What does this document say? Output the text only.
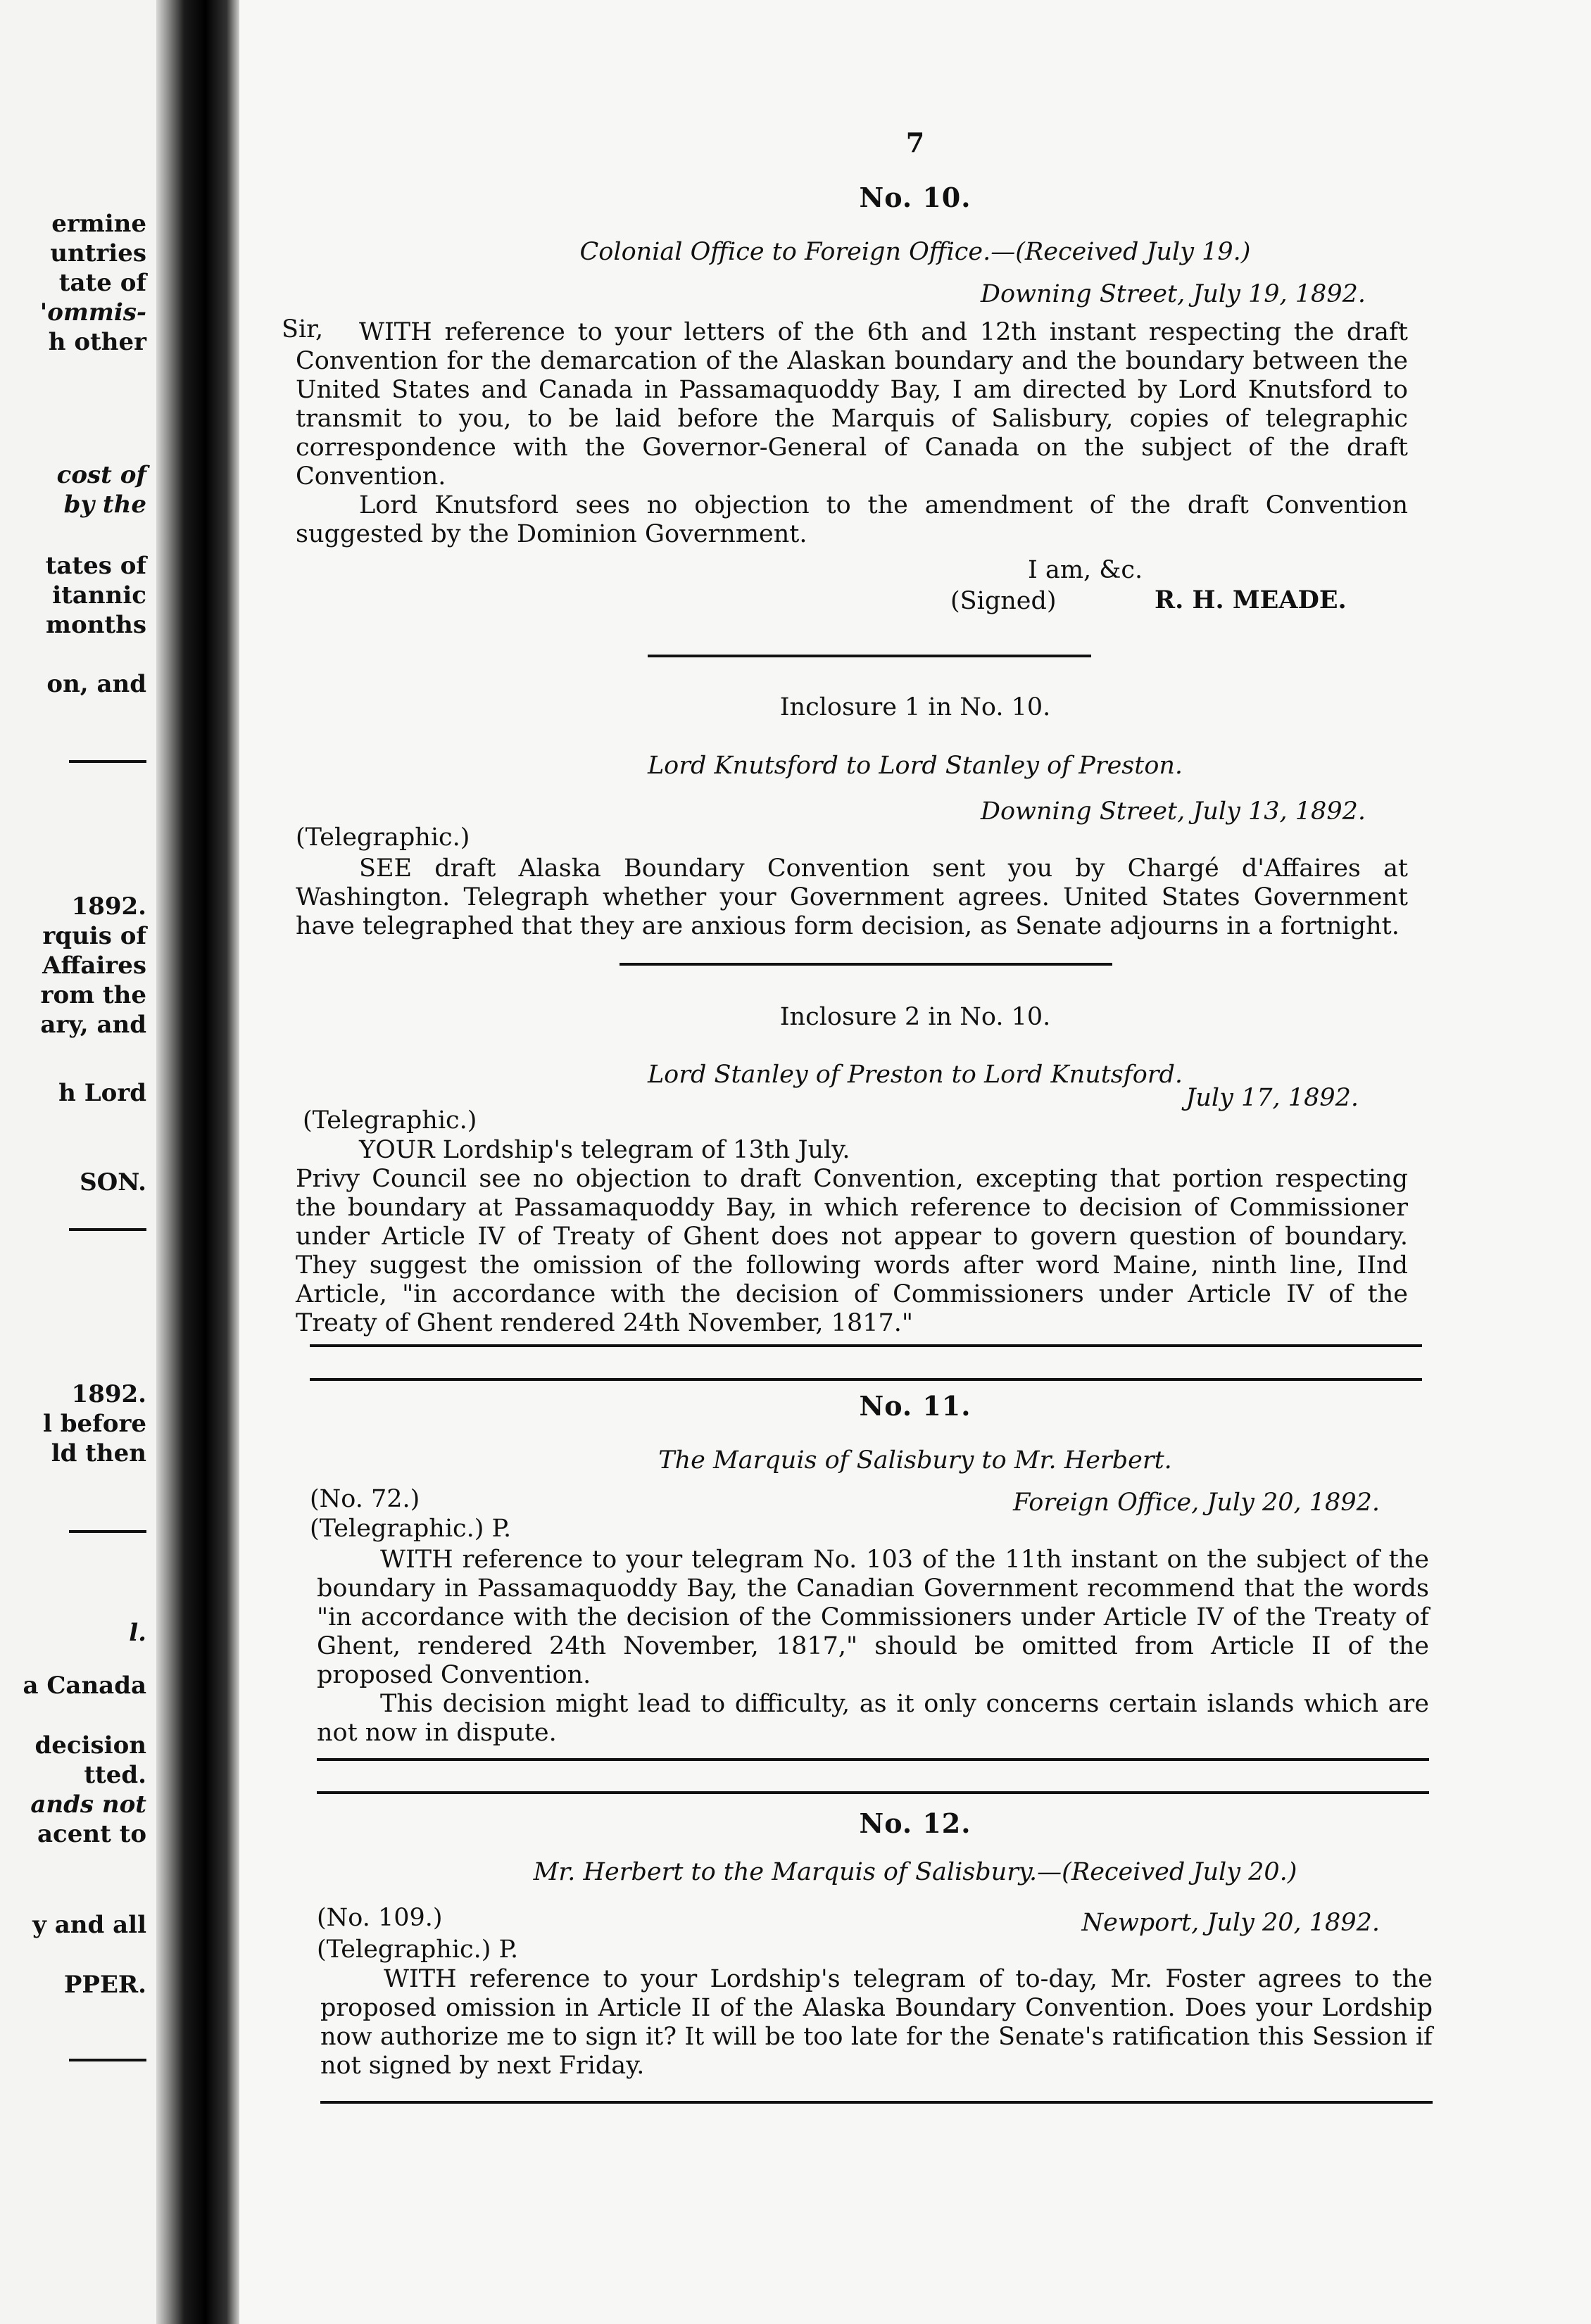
ermine
untries
tate of
'ommis-
h other
cost of
by the
tates of
itannic
months
on, and
1892.
rquis of
Affaires
rom the
ary, and
h Lord
SON.
1892.
l before
ld then
l.
a Canada
decision
tted.
ands not
acent to
y and all
PPER.
7
No. 10.
Colonial Office to Foreign Office.—(Received July 19.)
Downing Street, July 19, 1892.
Sir,	WITH reference to your letters of the 6th and 12th instant respecting the draft Convention for the demarcation of the Alaskan boundary and the boundary between the United States and Canada in Passamaquoddy Bay, I am directed by Lord Knutsford to transmit to you, to be laid before the Marquis of Salisbury, copies of telegraphic correspondence with the Governor-General of Canada on the subject of the draft Convention.

Lord Knutsford sees no objection to the amendment of the draft Convention suggested by the Dominion Government.

I am, &c.
(Signed)	R. H. MEADE.
Inclosure 1 in No. 10.
Lord Knutsford to Lord Stanley of Preston.
Downing Street, July 13, 1892.
(Telegraphic.)

SEE draft Alaska Boundary Convention sent you by Chargé d'Affaires at Washington. Telegraph whether your Government agrees. United States Government have telegraphed that they are anxious form decision, as Senate adjourns in a fortnight.

Inclosure 2 in No. 10.
Lord Stanley of Preston to Lord Knutsford.
July 17, 1892.
(Telegraphic.)

YOUR Lordship's telegram of 13th July.

Privy Council see no objection to draft Convention, excepting that portion respecting the boundary at Passamaquoddy Bay, in which reference to decision of Commissioner under Article IV of Treaty of Ghent does not appear to govern question of boundary. They suggest the omission of the following words after word Maine, ninth line, IInd Article, "in accordance with the decision of Commissioners under Article IV of the Treaty of Ghent rendered 24th November, 1817."

No. 11.
The Marquis of Salisbury to Mr. Herbert.
(No. 72.)	Foreign Office, July 20, 1892.
(Telegraphic.) P.

WITH reference to your telegram No. 103 of the 11th instant on the subject of the boundary in Passamaquoddy Bay, the Canadian Government recommend that the words "in accordance with the decision of the Commissioners under Article IV of the Treaty of Ghent, rendered 24th November, 1817," should be omitted from Article II of the proposed Convention.

This decision might lead to difficulty, as it only concerns certain islands which are not now in dispute.

No. 12.
Mr. Herbert to the Marquis of Salisbury.—(Received July 20.)
(No. 109.)	Newport, July 20, 1892.
(Telegraphic.) P.

WITH reference to your Lordship's telegram of to-day, Mr. Foster agrees to the proposed omission in Article II of the Alaska Boundary Convention. Does your Lordship now authorize me to sign it? It will be too late for the Senate's ratification this Session if not signed by next Friday.
